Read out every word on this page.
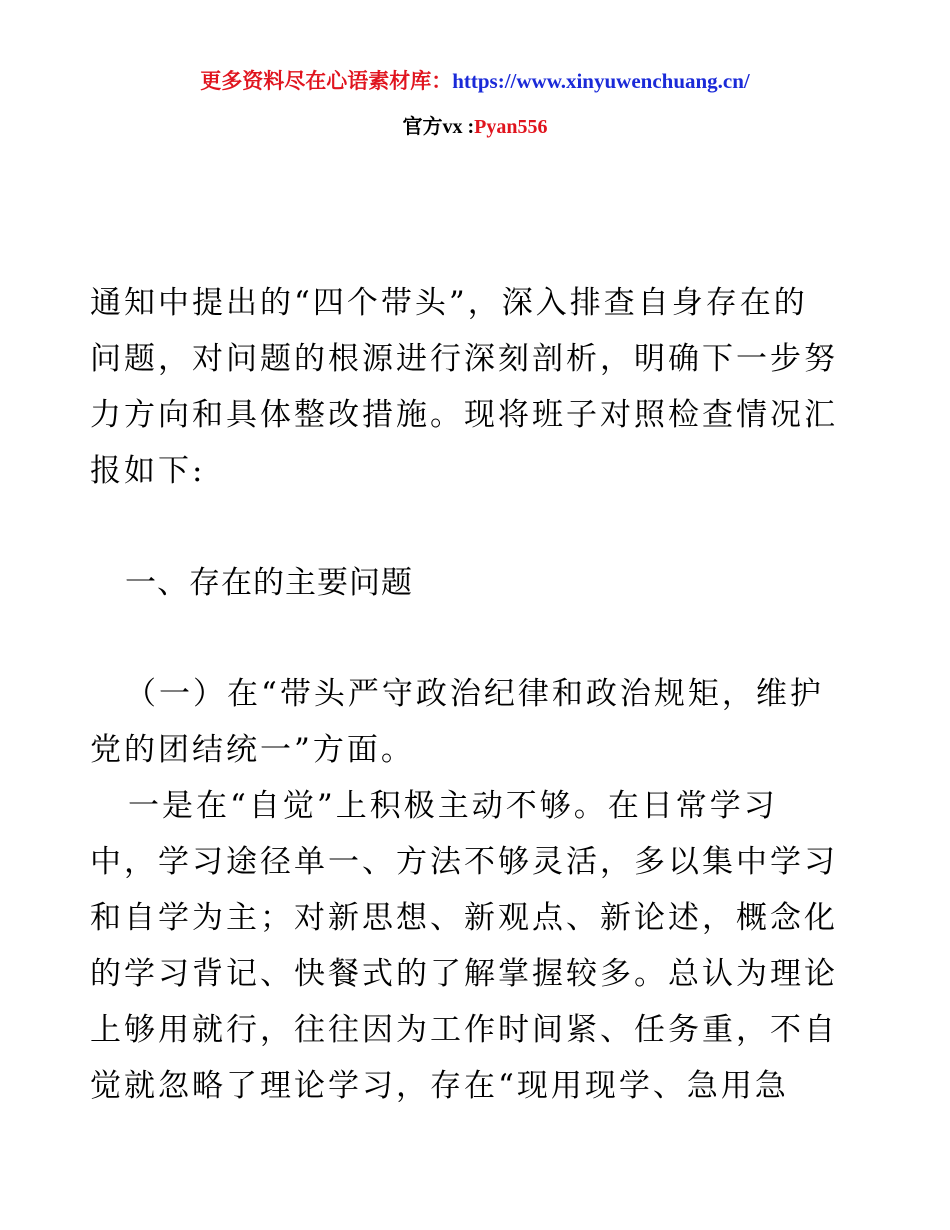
更多资料尽在心语素材库：https://www.xinyuwenchuang.cn/
官方vx :Pyan556
通知中提出的“四个带头”，深入排查自身存在的
问题，对问题的根源进行深刻剖析，明确下一步努
力方向和具体整改措施。现将班子对照检查情况汇
报如下:
一、存在的主要问题
（一）在“带头严守政治纪律和政治规矩，维护
党的团结统一”方面。
一是在“自觉”上积极主动不够。在日常学习
中，学习途径单一、方法不够灵活，多以集中学习
和自学为主；对新思想、新观点、新论述，概念化
的学习背记、快餐式的了解掌握较多。总认为理论
上够用就行，往往因为工作时间紧、任务重，不自
觉就忽略了理论学习，存在“现用现学、急用急
